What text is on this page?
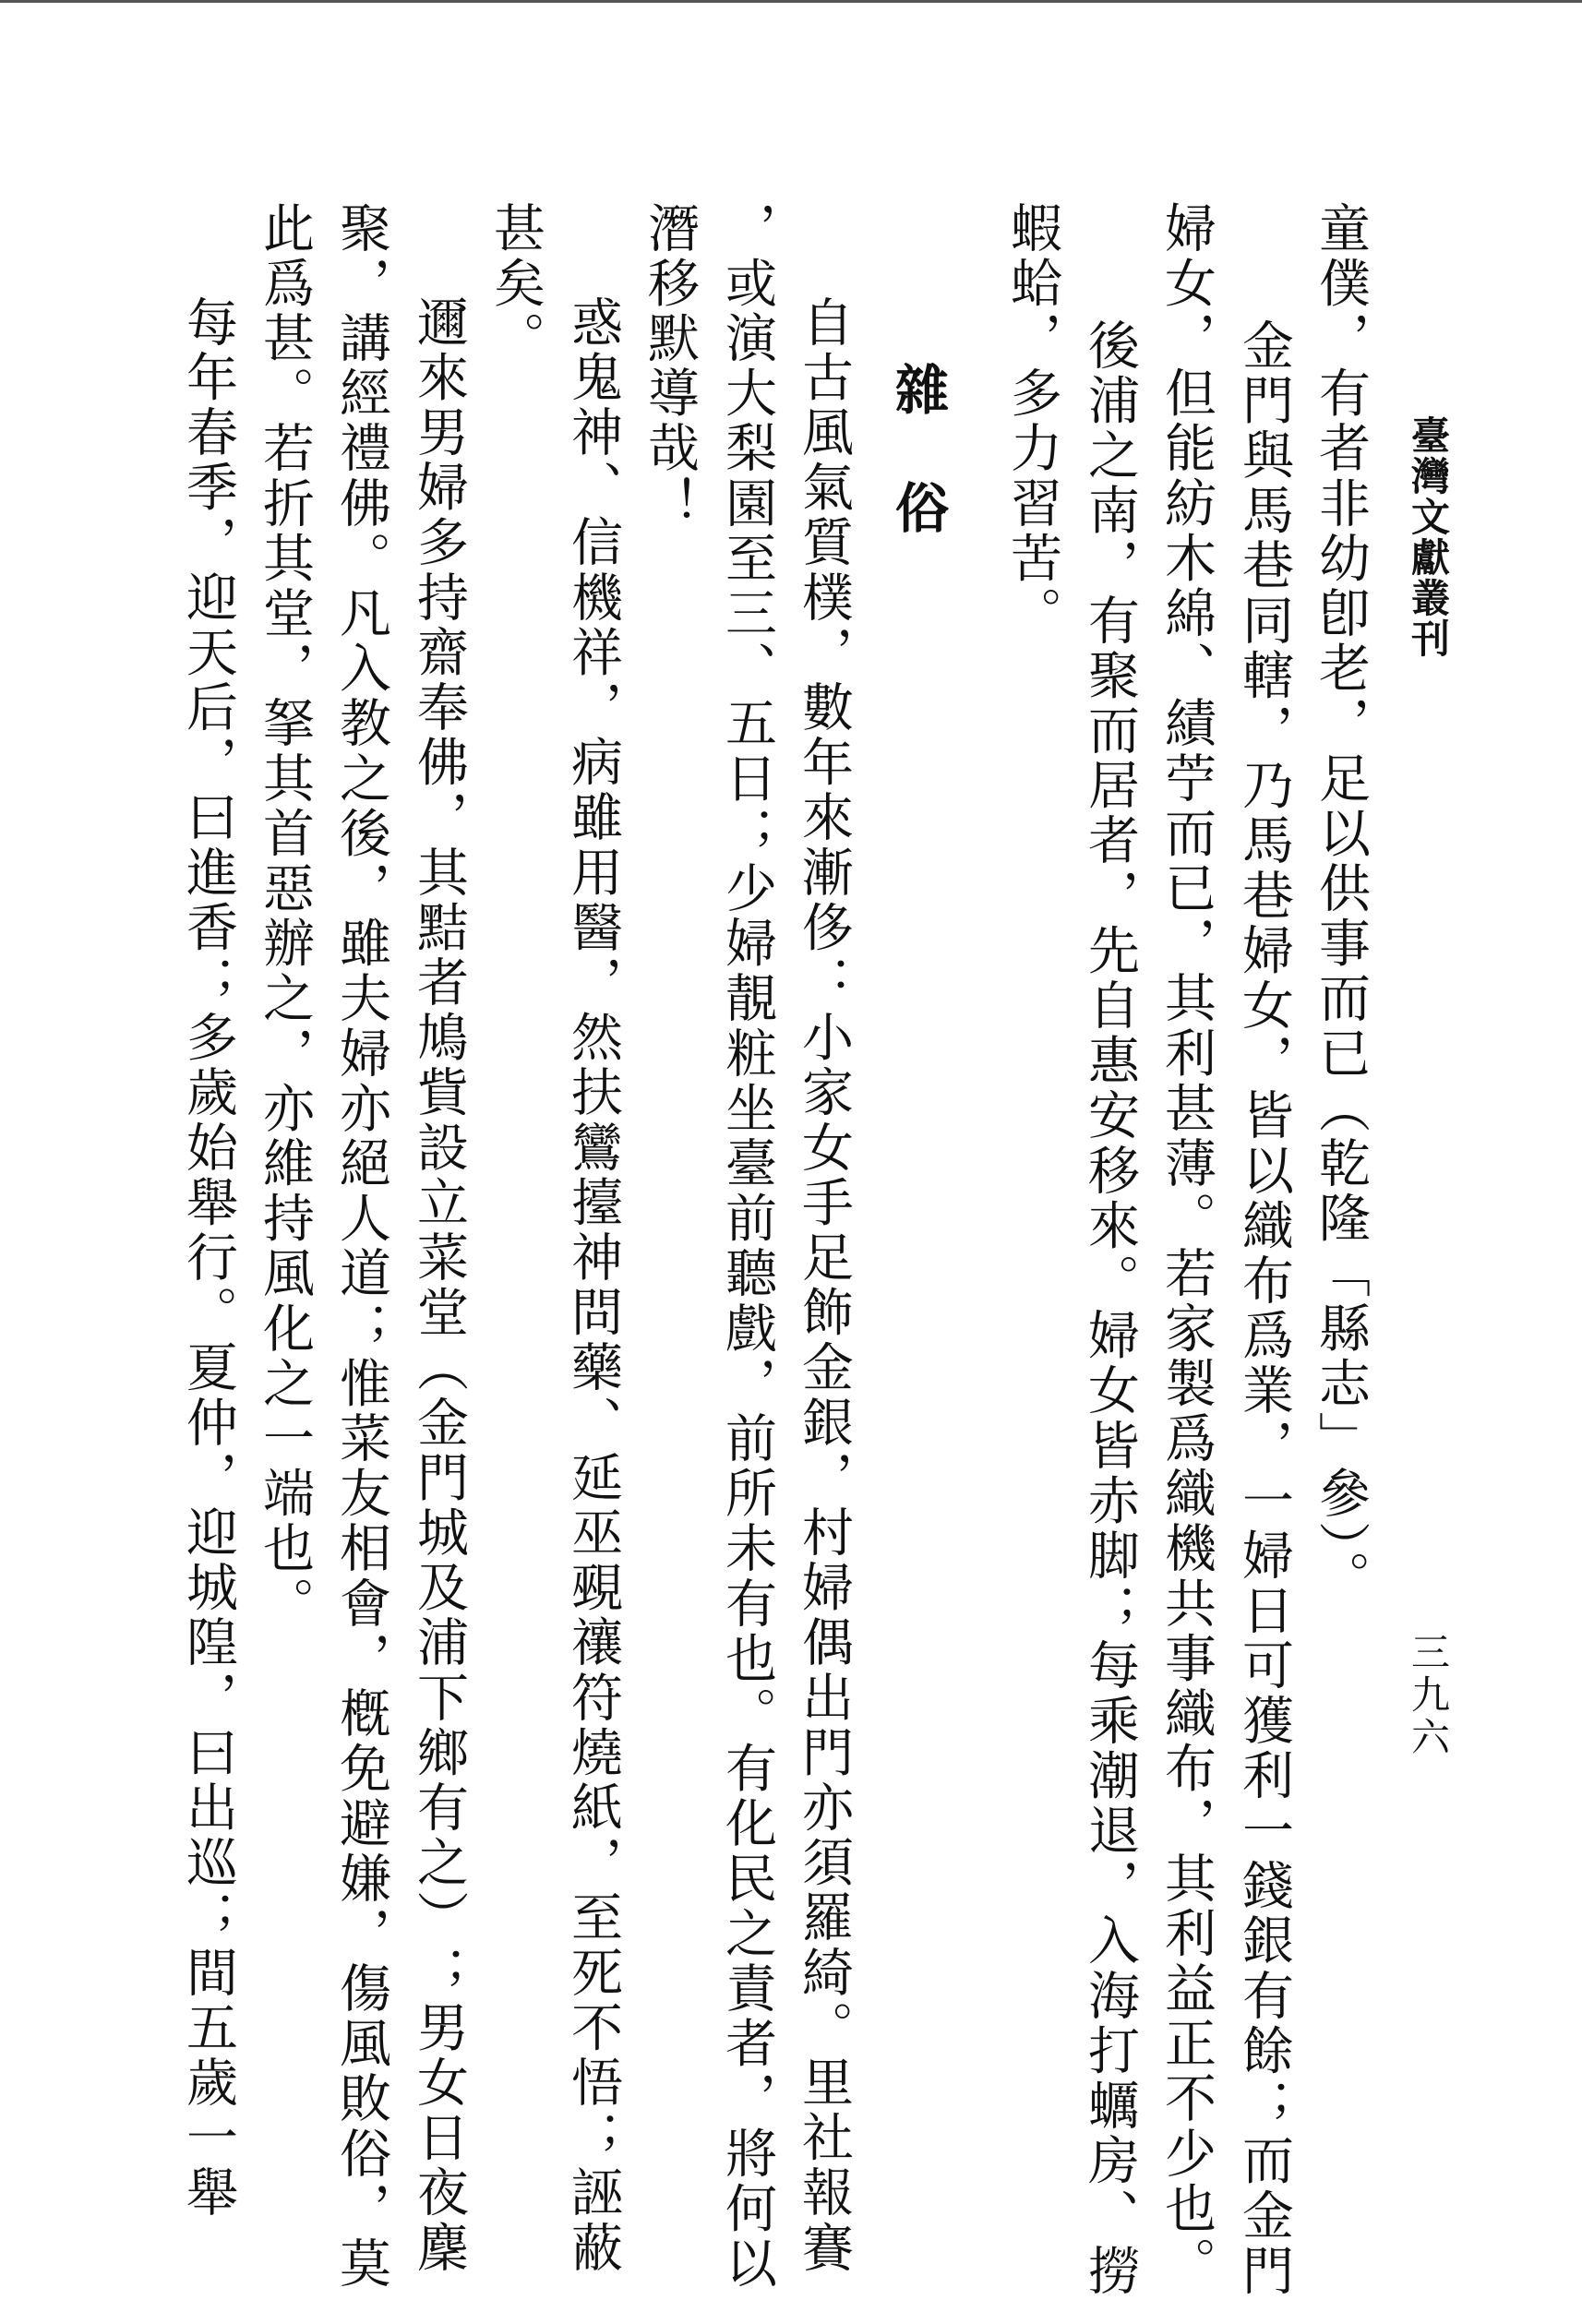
臺灣文獻叢刊
三九六
童僕，有者非幼卽老，足以供事而已（乾隆「縣志」參）。
金門與馬巷同轄，乃馬巷婦女，皆以織布爲業，一婦日可獲利一錢銀有餘；而金門
婦女，但能紡木綿、績苧而已，其利甚薄。若家製爲織機共事織布，其利益正不少也。
後浦之南，有聚而居者，先自惠安移來。婦女皆赤脚；每乘潮退，入海打蠣房、撈
蝦蛤，多力習苦。
雜俗
自古風氣質樸，數年來漸侈：小家女手足飾金銀，村婦偶出門亦須羅綺。里社報賽
，或演大梨園至三、五日；少婦靚粧坐臺前聽戲，前所未有也。有化民之責者，將何以
潛移默導哉！
惑鬼神、信機祥，病雖用醫，然扶鸞擡神問藥、延巫覡禳符燒紙，至死不悟；誣蔽
甚矣。
邇來男婦多持齋奉佛，其黠者鳩貲設立菜堂（金門城及浦下鄉有之）；男女日夜麇
聚，講經禮佛。凡入教之後，雖夫婦亦絕人道；惟菜友相會，槪免避嫌，傷風敗俗，莫
此爲甚。若折其堂，拏其首惡辦之，亦維持風化之一端也。
每年春季，迎天后，曰進香；多歲始舉行。夏仲，迎城隍，曰出巡；間五歲一舉
